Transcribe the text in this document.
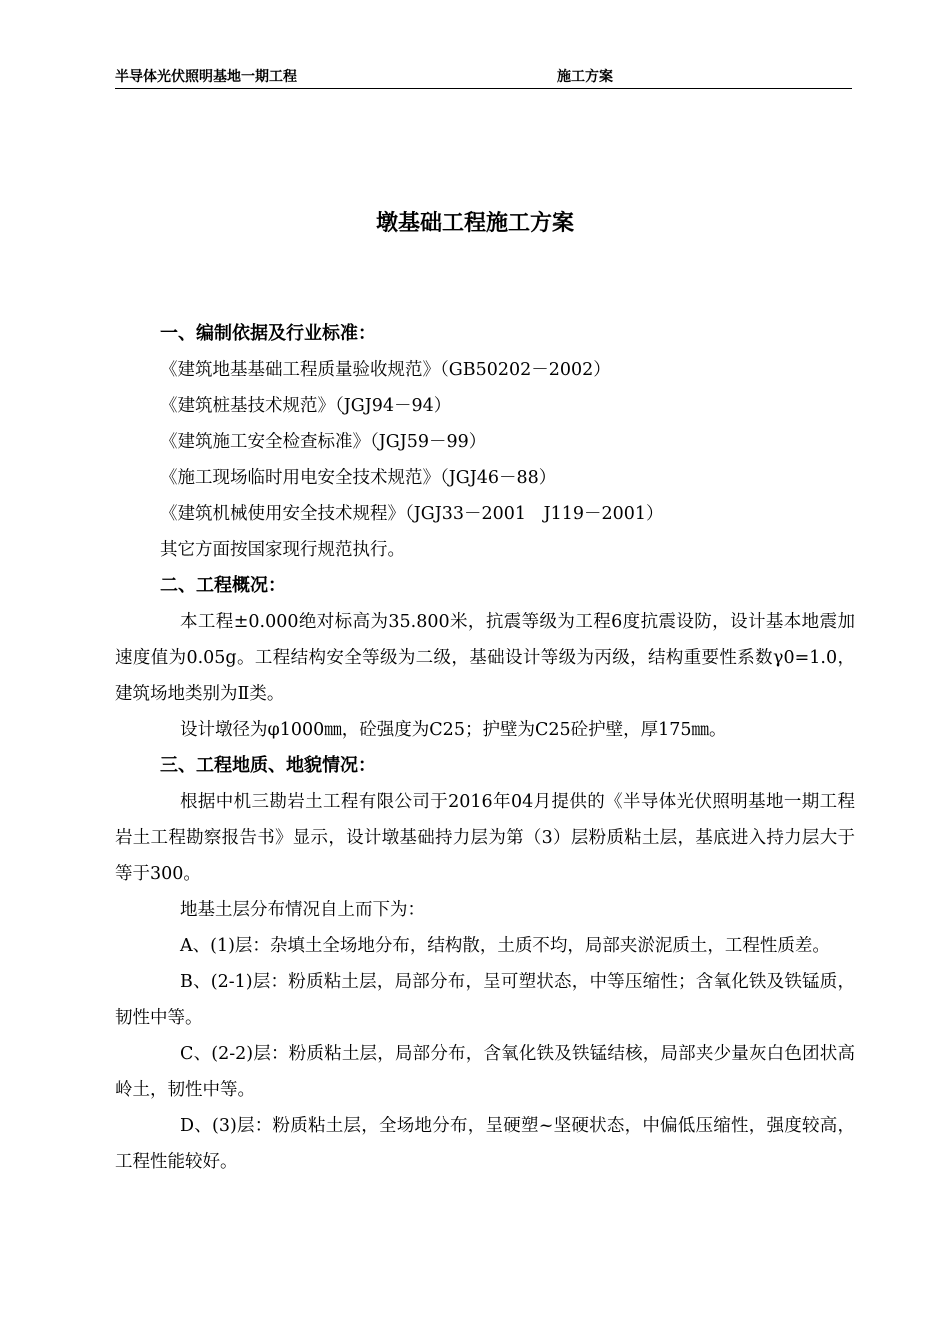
半导体光伏照明基地一期工程	施工方案
墩基础工程施工方案
一、编制依据及行业标准：
《建筑地基基础工程质量验收规范》（GB50202－2002）
《建筑桩基技术规范》（JGJ94－94）
《建筑施工安全检查标准》（JGJ59－99）
《施工现场临时用电安全技术规范》（JGJ46－88）
《建筑机械使用安全技术规程》（JGJ33－2001　J119－2001）
其它方面按国家现行规范执行。
二、工程概况：

本工程±0.000绝对标高为35.800米，抗震等级为工程6度抗震设防，设计基本地震加速度值为0.05g。工程结构安全等级为二级，基础设计等级为丙级，结构重要性系数γ0=1.0，建筑场地类别为Ⅱ类。

设计墩径为φ1000㎜，砼强度为C25；护壁为C25砼护壁，厚175㎜。

三、工程地质、地貌情况：

根据中机三勘岩土工程有限公司于2016年04月提供的《半导体光伏照明基地一期工程岩土工程勘察报告书》显示，设计墩基础持力层为第（3）层粉质粘土层，基底进入持力层大于等于300。

地基土层分布情况自上而下为：

A、(1)层：杂填土全场地分布，结构散，土质不均，局部夹淤泥质土，工程性质差。

B、(2-1)层：粉质粘土层，局部分布，呈可塑状态，中等压缩性；含氧化铁及铁锰质，韧性中等。

C、(2-2)层：粉质粘土层，局部分布，含氧化铁及铁锰结核，局部夹少量灰白色团状高岭土，韧性中等。

D、(3)层：粉质粘土层，全场地分布，呈硬塑~坚硬状态，中偏低压缩性，强度较高，工程性能较好。
